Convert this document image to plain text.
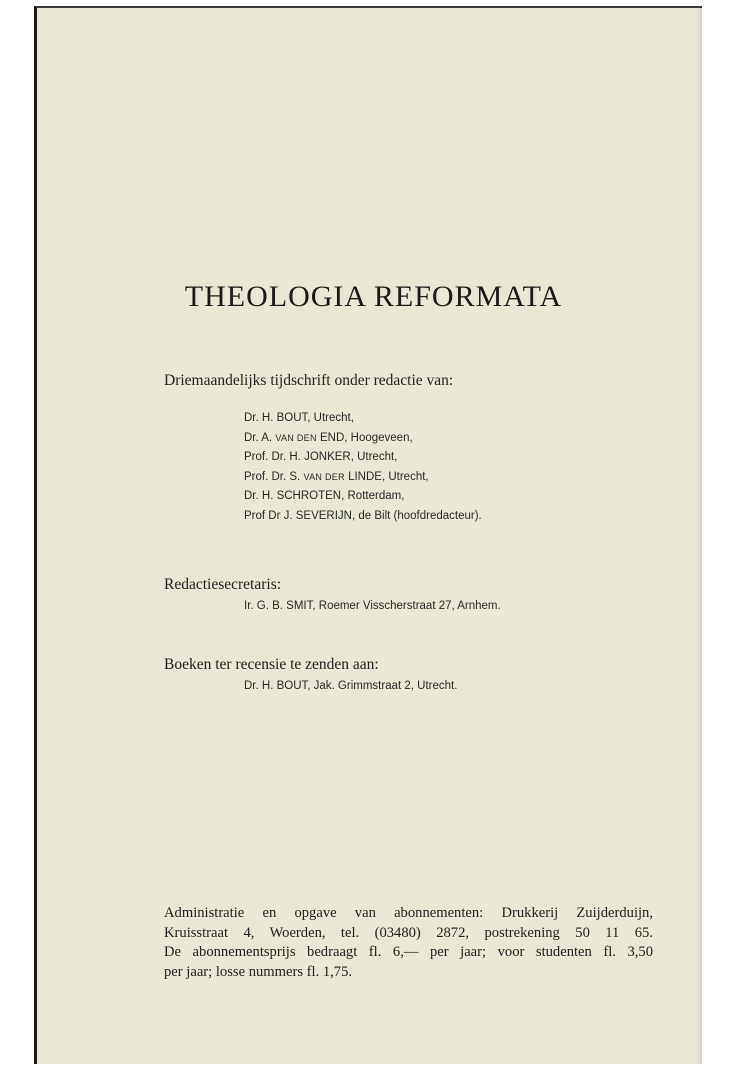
THEOLOGIA REFORMATA
Driemaandelijks tijdschrift onder redactie van:
Dr. H. BOUT, Utrecht,
Dr. A. VAN DEN END, Hoogeveen,
Prof. Dr. H. JONKER, Utrecht,
Prof. Dr. S. VAN DER LINDE, Utrecht,
Dr. H. SCHROTEN, Rotterdam,
Prof Dr J. SEVERIJN, de Bilt (hoofdredacteur).
Redactiesecretaris:
Ir. G. B. SMIT, Roemer Visscherstraat 27, Arnhem.
Boeken ter recensie te zenden aan:
Dr. H. BOUT, Jak. Grimmstraat 2, Utrecht.
Administratie en opgave van abonnementen: Drukkerij Zuijderduijn,
Kruisstraat 4, Woerden, tel. (03480) 2872, postrekening 50 11 65.
De abonnementsprijs bedraagt fl. 6,— per jaar; voor studenten fl. 3,50
per jaar; losse nummers fl. 1,75.
